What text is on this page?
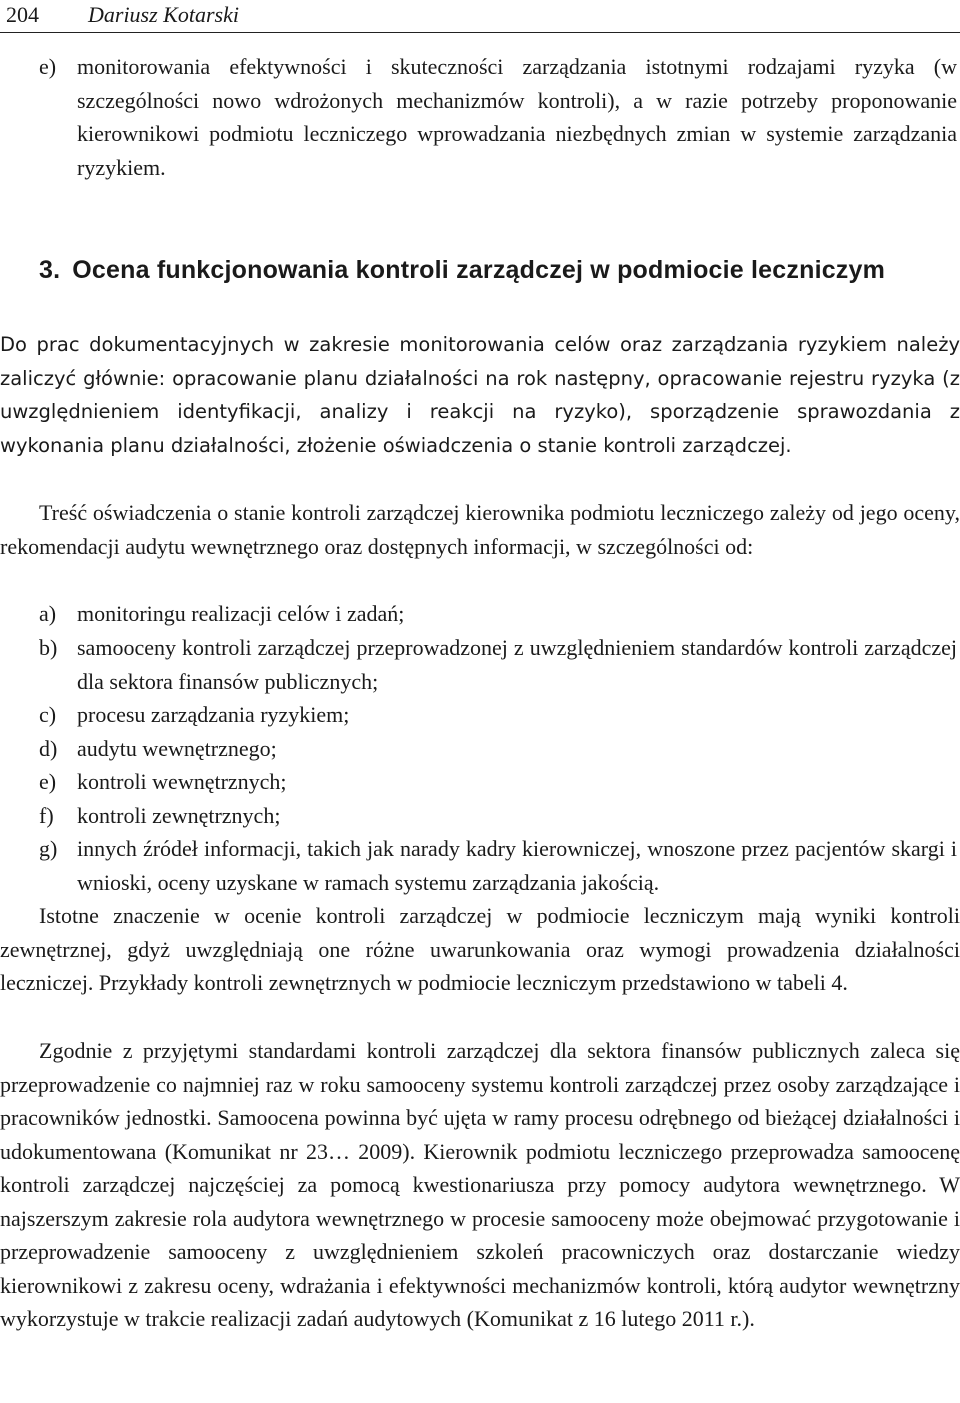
204 Dariusz Kotarski
e) monitorowania efektywności i skuteczności zarządzania istotnymi rodzajami ryzyka (w szczególności nowo wdrożonych mechanizmów kontroli), a w razie potrzeby proponowanie kierownikowi podmiotu leczniczego wprowadzania niezbędnych zmian w systemie zarządzania ryzykiem.
3. Ocena funkcjonowania kontroli zarządczej w podmiocie leczniczym

Do prac dokumentacyjnych w zakresie monitorowania celów oraz zarządzania ryzykiem należy zaliczyć głównie: opracowanie planu działalności na rok następny, opracowanie rejestru ryzyka (z uwzględnieniem identyfikacji, analizy i reakcji na ryzyko), sporządzenie sprawozdania z wykonania planu działalności, złożenie oświadczenia o stanie kontroli zarządczej.

Treść oświadczenia o stanie kontroli zarządczej kierownika podmiotu leczniczego zależy od jego oceny, rekomendacji audytu wewnętrznego oraz dostępnych informacji, w szczególności od:

a) monitoringu realizacji celów i zadań;
b) samooceny kontroli zarządczej przeprowadzonej z uwzględnieniem standardów kontroli zarządczej dla sektora finansów publicznych;
c) procesu zarządzania ryzykiem;
d) audytu wewnętrznego;
e) kontroli wewnętrznych;
f) kontroli zewnętrznych;
g) innych źródeł informacji, takich jak narady kadry kierowniczej, wnoszone przez pacjentów skargi i wnioski, oceny uzyskane w ramach systemu zarządzania jakością.

Istotne znaczenie w ocenie kontroli zarządczej w podmiocie leczniczym mają wyniki kontroli zewnętrznej, gdyż uwzględniają one różne uwarunkowania oraz wymogi prowadzenia działalności leczniczej. Przykłady kontroli zewnętrznych w podmiocie leczniczym przedstawiono w tabeli 4.

Zgodnie z przyjętymi standardami kontroli zarządczej dla sektora finansów publicznych zaleca się przeprowadzenie co najmniej raz w roku samooceny systemu kontroli zarządczej przez osoby zarządzające i pracowników jednostki. Samoocena powinna być ujęta w ramy procesu odrębnego od bieżącej działalności i udokumentowana (Komunikat nr 23… 2009). Kierownik podmiotu leczniczego przeprowadza samoocenę kontroli zarządczej najczęściej za pomocą kwestionariusza przy pomocy audytora wewnętrznego. W najszerszym zakresie rola audytora wewnętrznego w procesie samooceny może obejmować przygotowanie i przeprowadzenie samooceny z uwzględnieniem szkoleń pracowniczych oraz dostarczanie wiedzy kierownikowi z zakresu oceny, wdrażania i efektywności mechanizmów kontroli, którą audytor wewnętrzny wykorzystuje w trakcie realizacji zadań audytowych (Komunikat z 16 lutego 2011 r.).
